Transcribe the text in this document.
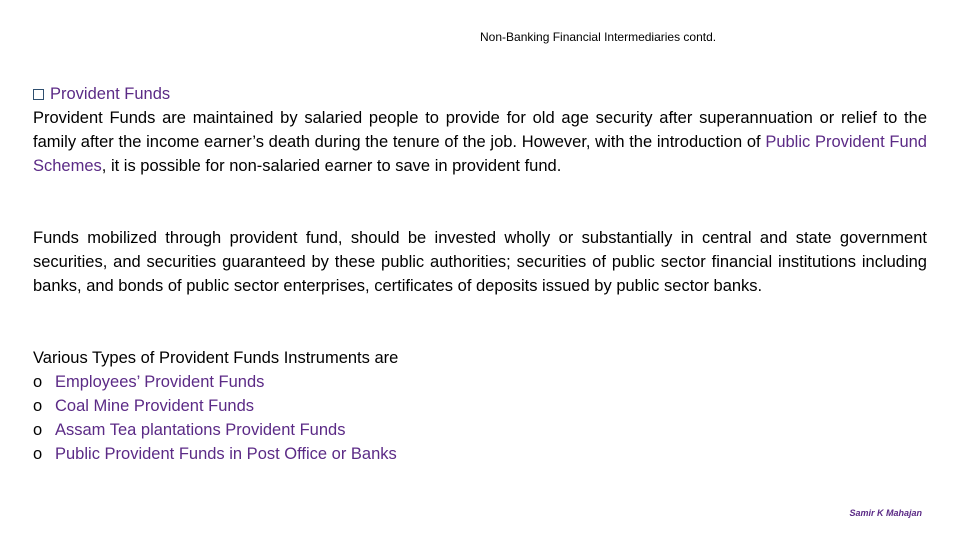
Non-Banking Financial Intermediaries contd.
Provident Funds
Provident Funds are maintained by salaried people to provide for old age security after superannuation or relief to the family after the income earner’s death during the tenure of the job. However, with the introduction of Public Provident Fund Schemes, it is possible for non-salaried earner to save in provident fund.
Funds mobilized through provident fund, should be invested wholly or substantially in central and state government securities, and securities guaranteed by these public authorities; securities of public sector financial institutions including banks, and bonds of public sector enterprises, certificates of deposits issued by public sector banks.
Various Types of Provident Funds Instruments are
o Employees’ Provident Funds
o Coal Mine Provident Funds
o Assam Tea plantations Provident Funds
o Public Provident Funds in Post Office or Banks
Samir K Mahajan
